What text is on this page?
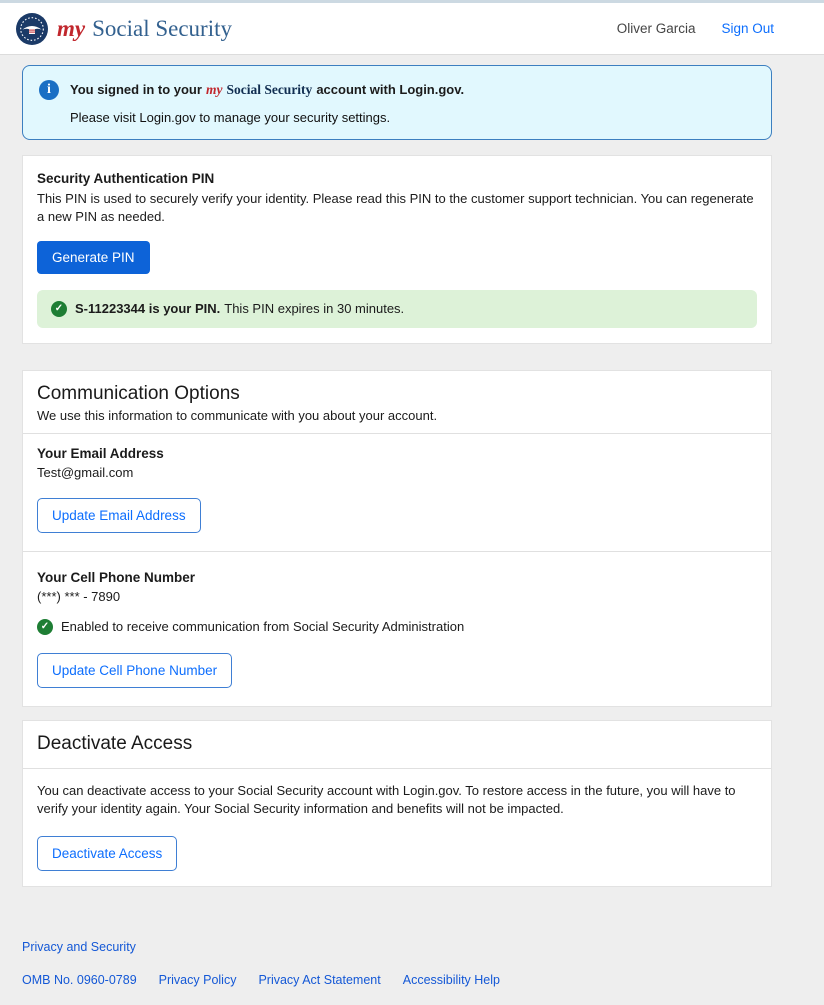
my Social Security	Oliver Garcia Sign Out
i	You signed in to your my Social Security account with Login.gov.
Please visit Login.gov to manage your security settings.
Security Authentication PIN
This PIN is used to securely verify your identity. Please read this PIN to the customer support technician. You can regenerate a new PIN as needed.
Generate PIN
✓ S-11223344 is your PIN. This PIN expires in 30 minutes.
Communication Options
We use this information to communicate with you about your account.
Your Email Address
Test@gmail.com
Update Email Address
Your Cell Phone Number
(***) *** - 7890
✓ Enabled to receive communication from Social Security Administration
Update Cell Phone Number
Deactivate Access
You can deactivate access to your Social Security account with Login.gov. To restore access in the future, you will have to verify your identity again. Your Social Security information and benefits will not be impacted.
Deactivate Access
Privacy and Security
OMB No. 0960-0789 Privacy Policy Privacy Act Statement Accessibility Help
